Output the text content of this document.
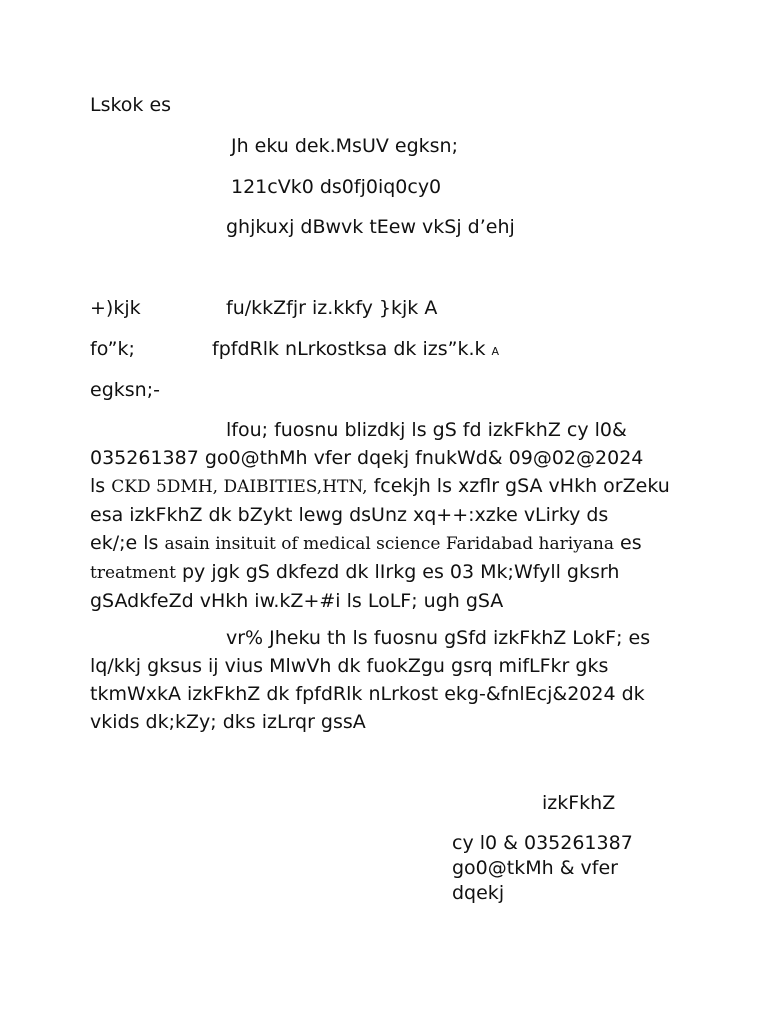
Lskok es
Jh eku dek.MsUV egksn;
121cVk0 ds0fj0iq0cy0
ghjkuxj dBwvk tEew vkSj d’ehj
+)kjk	fu/kkZfjr iz.kkfy }kjk A
fo”k;	fpfdRlk nLrkostksa dk izs”k.k A
egksn;-
lfou; fuosnu blizdkj ls gS fd izkFkhZ cy l0&
035261387 go0@thMh vfer dqekj fnukWd& 09@02@2024
ls CKD 5DMH, DAIBITIES,HTN, fcekjh ls xzflr gSA vHkh orZeku
esa izkFkhZ dk bZykt lewg dsUnz xq++:xzke vLirky ds
ek/;e ls asain insituit of medical science Faridabad hariyana es
treatment py jgk gS dkfezd dk lIrkg es 03 Mk;Wfyll gksrh
gSAdkfeZd vHkh iw.kZ+#i ls LoLF; ugh gSA
vr% Jheku th ls fuosnu gSfd izkFkhZ LokF; es
lq/kkj gksus ij vius MlwVh dk fuokZgu gsrq mifLFkr gks
tkmWxkA izkFkhZ dk fpfdRlk nLrkost ekg-&fnlEcj&2024 dk
vkids dk;kZy; dks izLrqr gssA
izkFkhZ
cy l0 & 035261387
go0@tkMh & vfer
dqekj
